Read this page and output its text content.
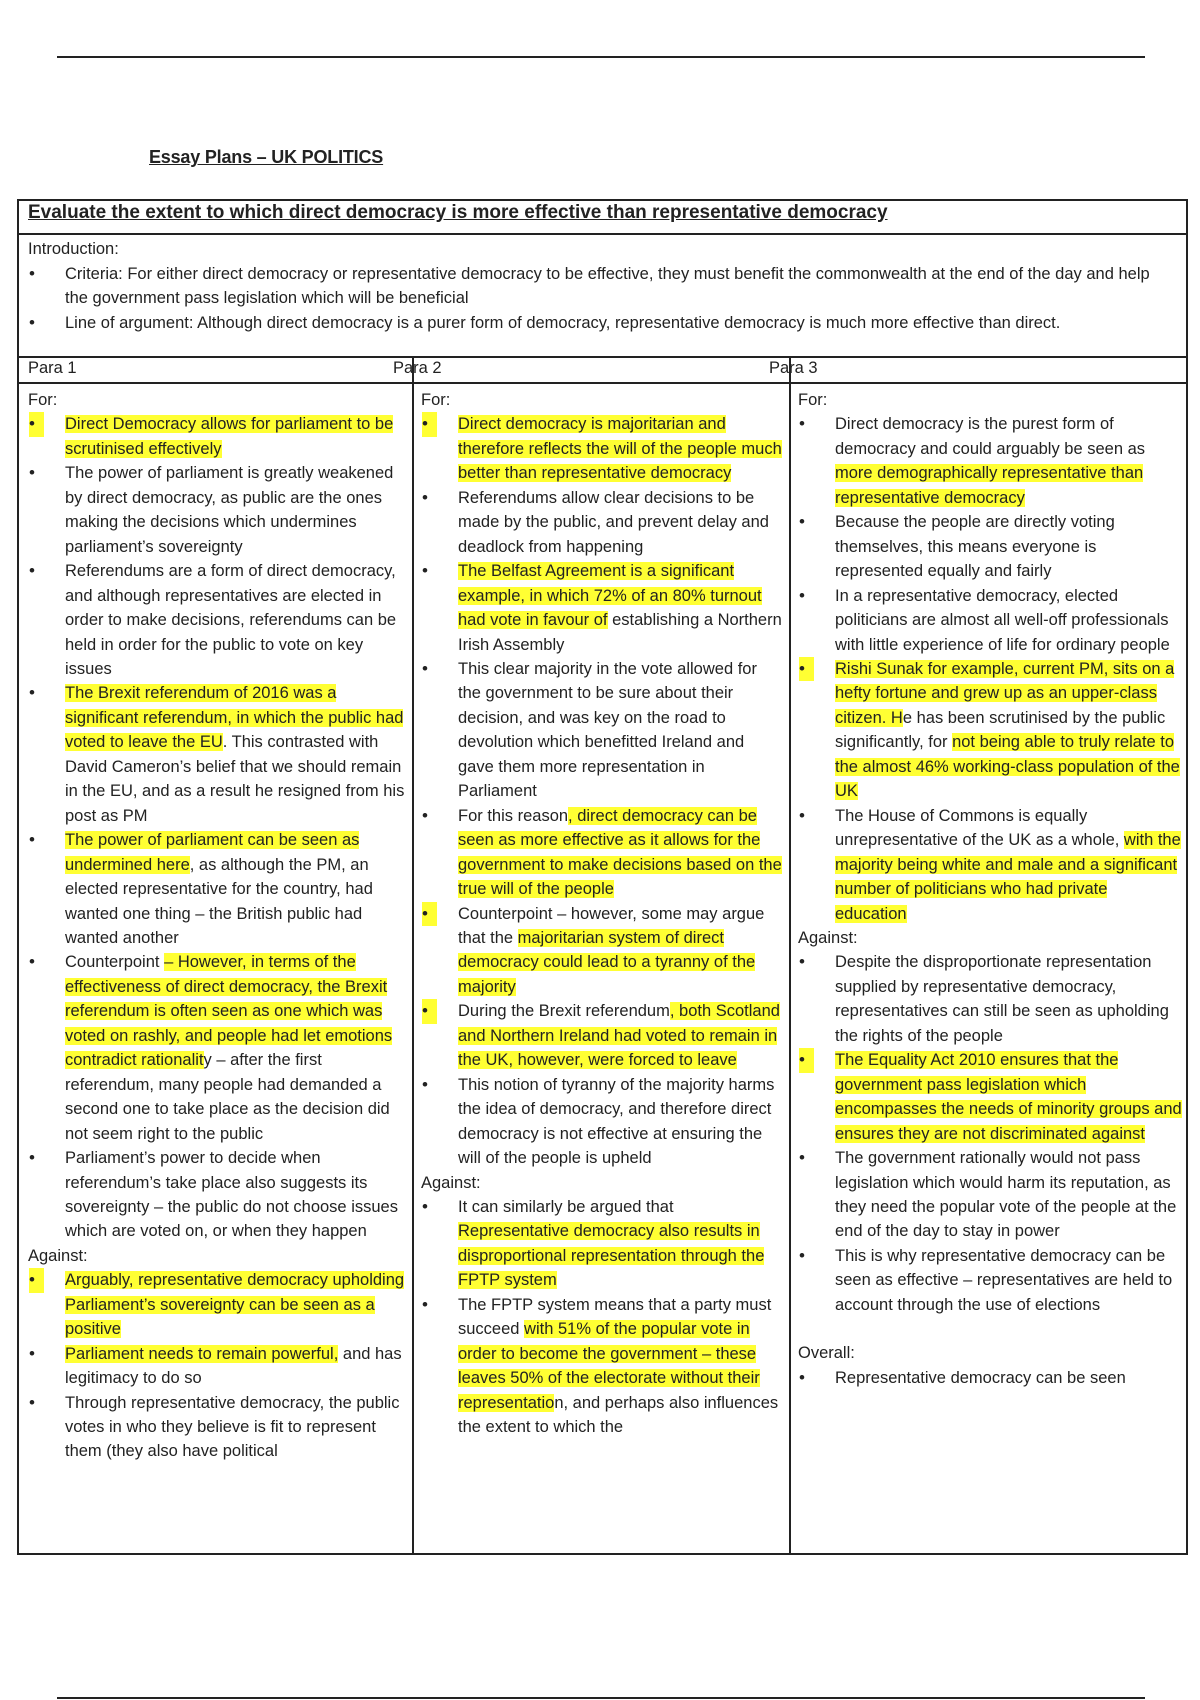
Essay Plans – UK POLITICS
Evaluate the extent to which direct democracy is more effective than representative democracy
Introduction:
• Criteria: For either direct democracy or representative democracy to be effective, they must benefit the commonwealth at the end of the day and help the government pass legislation which will be beneficial
• Line of argument: Although direct democracy is a purer form of democracy, representative democracy is much more effective than direct.
Para 1	Para 2	Para 3
For:
• Direct Democracy allows for parliament to be scrutinised effectively
• The power of parliament is greatly weakened by direct democracy, as public are the ones making the decisions which undermines parliament’s sovereignty
• Referendums are a form of direct democracy, and although representatives are elected in order to make decisions, referendums can be held in order for the public to vote on key issues
• The Brexit referendum of 2016 was a significant referendum, in which the public had voted to leave the EU. This contrasted with David Cameron’s belief that we should remain in the EU, and as a result he resigned from his post as PM
• The power of parliament can be seen as undermined here, as although the PM, an elected representative for the country, had wanted one thing – the British public had wanted another
• Counterpoint – However, in terms of the effectiveness of direct democracy, the Brexit referendum is often seen as one which was voted on rashly, and people had let emotions contradict rationality – after the first referendum, many people had demanded a second one to take place as the decision did not seem right to the public
• Parliament’s power to decide when referendum’s take place also suggests its sovereignty – the public do not choose issues which are voted on, or when they happen
Against:
• Arguably, representative democracy upholding Parliament’s sovereignty can be seen as a positive
• Parliament needs to remain powerful, and has legitimacy to do so
• Through representative democracy, the public votes in who they believe is fit to represent them (they also have political
For:
• Direct democracy is majoritarian and therefore reflects the will of the people much better than representative democracy
• Referendums allow clear decisions to be made by the public, and prevent delay and deadlock from happening
• The Belfast Agreement is a significant example, in which 72% of an 80% turnout had vote in favour of establishing a Northern Irish Assembly
• This clear majority in the vote allowed for the government to be sure about their decision, and was key on the road to devolution which benefitted Ireland and gave them more representation in Parliament
• For this reason, direct democracy can be seen as more effective as it allows for the government to make decisions based on the true will of the people
• Counterpoint – however, some may argue that the majoritarian system of direct democracy could lead to a tyranny of the majority
• During the Brexit referendum, both Scotland and Northern Ireland had voted to remain in the UK, however, were forced to leave
• This notion of tyranny of the majority harms the idea of democracy, and therefore direct democracy is not effective at ensuring the will of the people is upheld
Against:
• It can similarly be argued that Representative democracy also results in disproportional representation through the FPTP system
• The FPTP system means that a party must succeed with 51% of the popular vote in order to become the government – these leaves 50% of the electorate without their representation, and perhaps also influences the extent to which the
For:
• Direct democracy is the purest form of democracy and could arguably be seen as more demographically representative than representative democracy
• Because the people are directly voting themselves, this means everyone is represented equally and fairly
• In a representative democracy, elected politicians are almost all well-off professionals with little experience of life for ordinary people
• Rishi Sunak for example, current PM, sits on a hefty fortune and grew up as an upper-class citizen. He has been scrutinised by the public significantly, for not being able to truly relate to the almost 46% working-class population of the UK
• The House of Commons is equally unrepresentative of the UK as a whole, with the majority being white and male and a significant number of politicians who had private education
Against:
• Despite the disproportionate representation supplied by representative democracy, representatives can still be seen as upholding the rights of the people
• The Equality Act 2010 ensures that the government pass legislation which encompasses the needs of minority groups and ensures they are not discriminated against
• The government rationally would not pass legislation which would harm its reputation, as they need the popular vote of the people at the end of the day to stay in power
• This is why representative democracy can be seen as effective – representatives are held to account through the use of elections
Overall:
• Representative democracy can be seen
